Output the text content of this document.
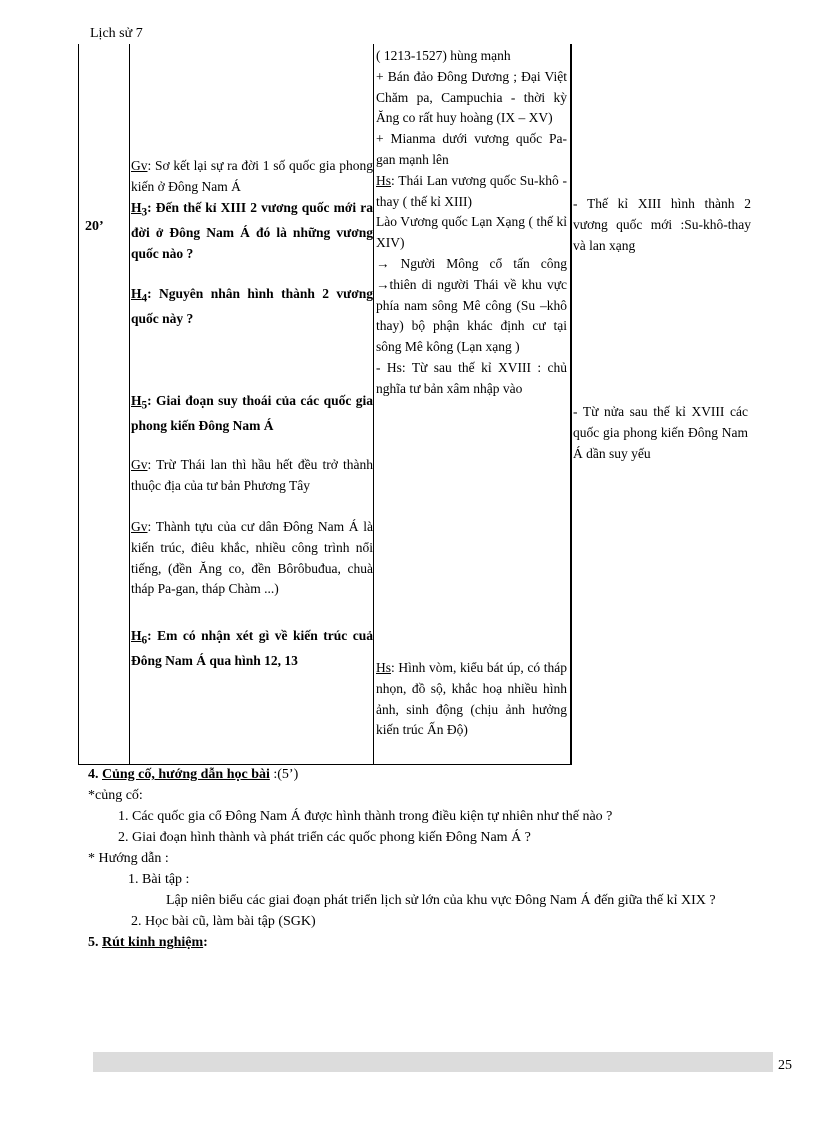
Lịch sử 7
20’
Gv: Sơ kết lại sự ra đời 1 số quốc gia phong kiến ở Đông Nam Á
$H_3$: Đến thế kỉ XIII 2 vương quốc mới ra đời ở Đông Nam Á đó là những vương quốc nào ?
$H_4$: Nguyên nhân hình thành 2 vương quốc này ?
$H_5$: Giai đoạn suy thoái của các quốc gia phong kiến Đông Nam Á
Gv: Trừ Thái lan thì hầu hết đều trở thành thuộc địa của tư bản Phương Tây
Gv: Thành tựu của cư dân Đông Nam Á là kiến trúc, điêu khắc, nhiều công trình nổi tiếng, (đền Ăng co, đền Bôrôbuđua, chuà tháp Pa-gan, tháp Chàm ...)
$H_6$: Em có nhận xét gì về kiến trúc cuả Đông Nam Á qua hình 12, 13

( 1213-1527) hùng mạnh

+ Bán đảo Đông Dương ; Đại Việt Chăm pa, Campuchia - thời kỳ Ăng co rất huy hoàng (IX – XV)

+ Mianma dưới vương quốc Pa-gan mạnh lên

Hs: Thái Lan vương quốc Su-khô -thay ( thế kỉ XIII)

Lào Vương quốc Lạn Xạng ( thế kỉ XIV)

→ Người Mông cổ tấn công →thiên di người Thái về khu vực phía nam sông Mê công (Su –khô thay) bộ phận khác định cư tại sông Mê kông (Lạn xạng )

- Hs: Từ sau thế kỉ XVIII : chủ nghĩa tư bản xâm nhập vào

Hs: Hình vòm, kiểu bát úp, có tháp nhọn, đồ sộ, khắc hoạ nhiều hình ảnh, sinh động (chịu ảnh hưởng kiến trúc Ấn Độ)
- Thế kỉ XIII hình thành 2 vương quốc mới :Su-khô-thay và lan xạng
- Từ nửa sau thế kỉ XVIII các quốc gia phong kiến Đông Nam Á dần suy yếu

4. Củng cố, hướng dẫn học bài :(5’)

*củng cố:

1. Các quốc gia cổ Đông Nam Á được hình thành trong điều kiện tự nhiên như thế nào ?

2. Giai đoạn hình thành và phát triển các quốc phong kiến Đông Nam Á ?

* Hướng dẫn :

1. Bài tập :

Lập niên biểu các giai đoạn phát triển lịch sử lớn của khu vực Đông Nam Á đến giữa thế kỉ XIX ?

2. Học bài cũ, làm bài tập (SGK)

5. Rút kinh nghiệm:

25
